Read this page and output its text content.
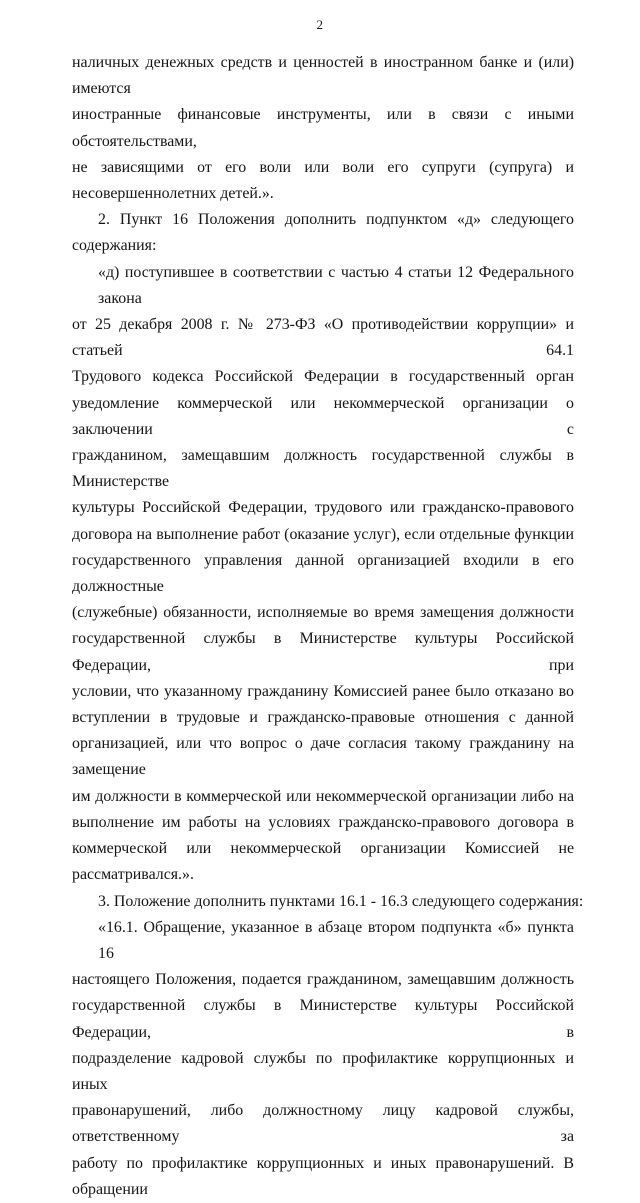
2
наличных денежных средств и ценностей в иностранном банке и (или) имеются
иностранные финансовые инструменты, или в связи с иными обстоятельствами,
не зависящими от его воли или воли его супруги (супруга) и
несовершеннолетних детей.».
2. Пункт 16 Положения дополнить подпунктом «д» следующего
содержания:
«д) поступившее в соответствии с частью 4 статьи 12 Федерального закона
от 25 декабря 2008 г. № 273-ФЗ «О противодействии коррупции» и статьей 64.1
Трудового кодекса Российской Федерации в государственный орган
уведомление коммерческой или некоммерческой организации о заключении с
гражданином, замещавшим должность государственной службы в Министерстве
культуры Российской Федерации, трудового или гражданско-правового
договора на выполнение работ (оказание услуг), если отдельные функции
государственного управления данной организацией входили в его должностные
(служебные) обязанности, исполняемые во время замещения должности
государственной службы в Министерстве культуры Российской Федерации, при
условии, что указанному гражданину Комиссией ранее было отказано во
вступлении в трудовые и гражданско-правовые отношения с данной
организацией, или что вопрос о даче согласия такому гражданину на замещение
им должности в коммерческой или некоммерческой организации либо на
выполнение им работы на условиях гражданско-правового договора в
коммерческой или некоммерческой организации Комиссией не
рассматривался.».
3. Положение дополнить пунктами 16.1 - 16.3 следующего содержания:
«16.1. Обращение, указанное в абзаце втором подпункта «б» пункта 16
настоящего Положения, подается гражданином, замещавшим должность
государственной службы в Министерстве культуры Российской Федерации, в
подразделение кадровой службы по профилактике коррупционных и иных
правонарушений, либо должностному лицу кадровой службы, ответственному за
работу по профилактике коррупционных и иных правонарушений. В обращении
